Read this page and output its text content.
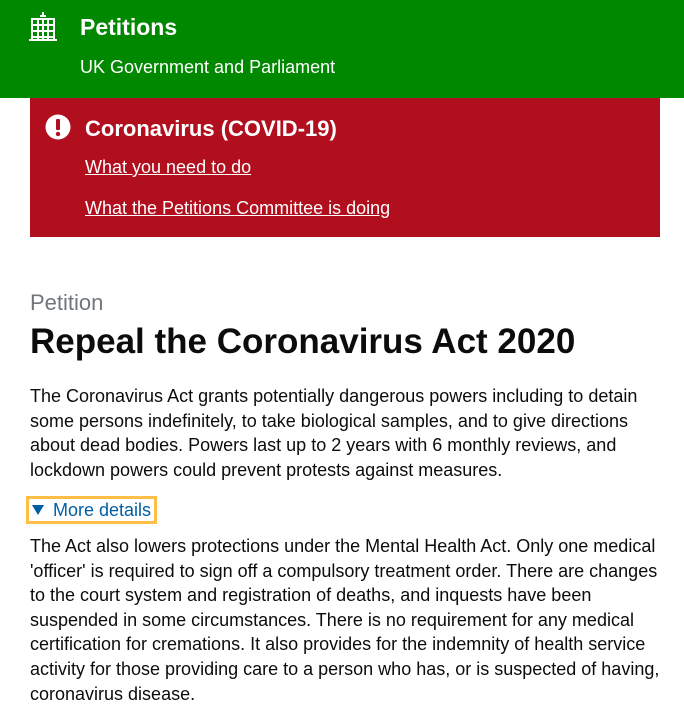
Petitions
UK Government and Parliament
Coronavirus (COVID-19)
What you need to do
What the Petitions Committee is doing
Petition
Repeal the Coronavirus Act 2020

The Coronavirus Act grants potentially dangerous powers including to detain some persons indefinitely, to take biological samples, and to give directions about dead bodies. Powers last up to 2 years with 6 monthly reviews, and lockdown powers could prevent protests against measures.

More details

The Act also lowers protections under the Mental Health Act. Only one medical 'officer' is required to sign off a compulsory treatment order. There are changes to the court system and registration of deaths, and inquests have been suspended in some circumstances. There is no requirement for any medical certification for cremations. It also provides for the indemnity of health service activity for those providing care to a person who has, or is suspected of having, coronavirus disease.
